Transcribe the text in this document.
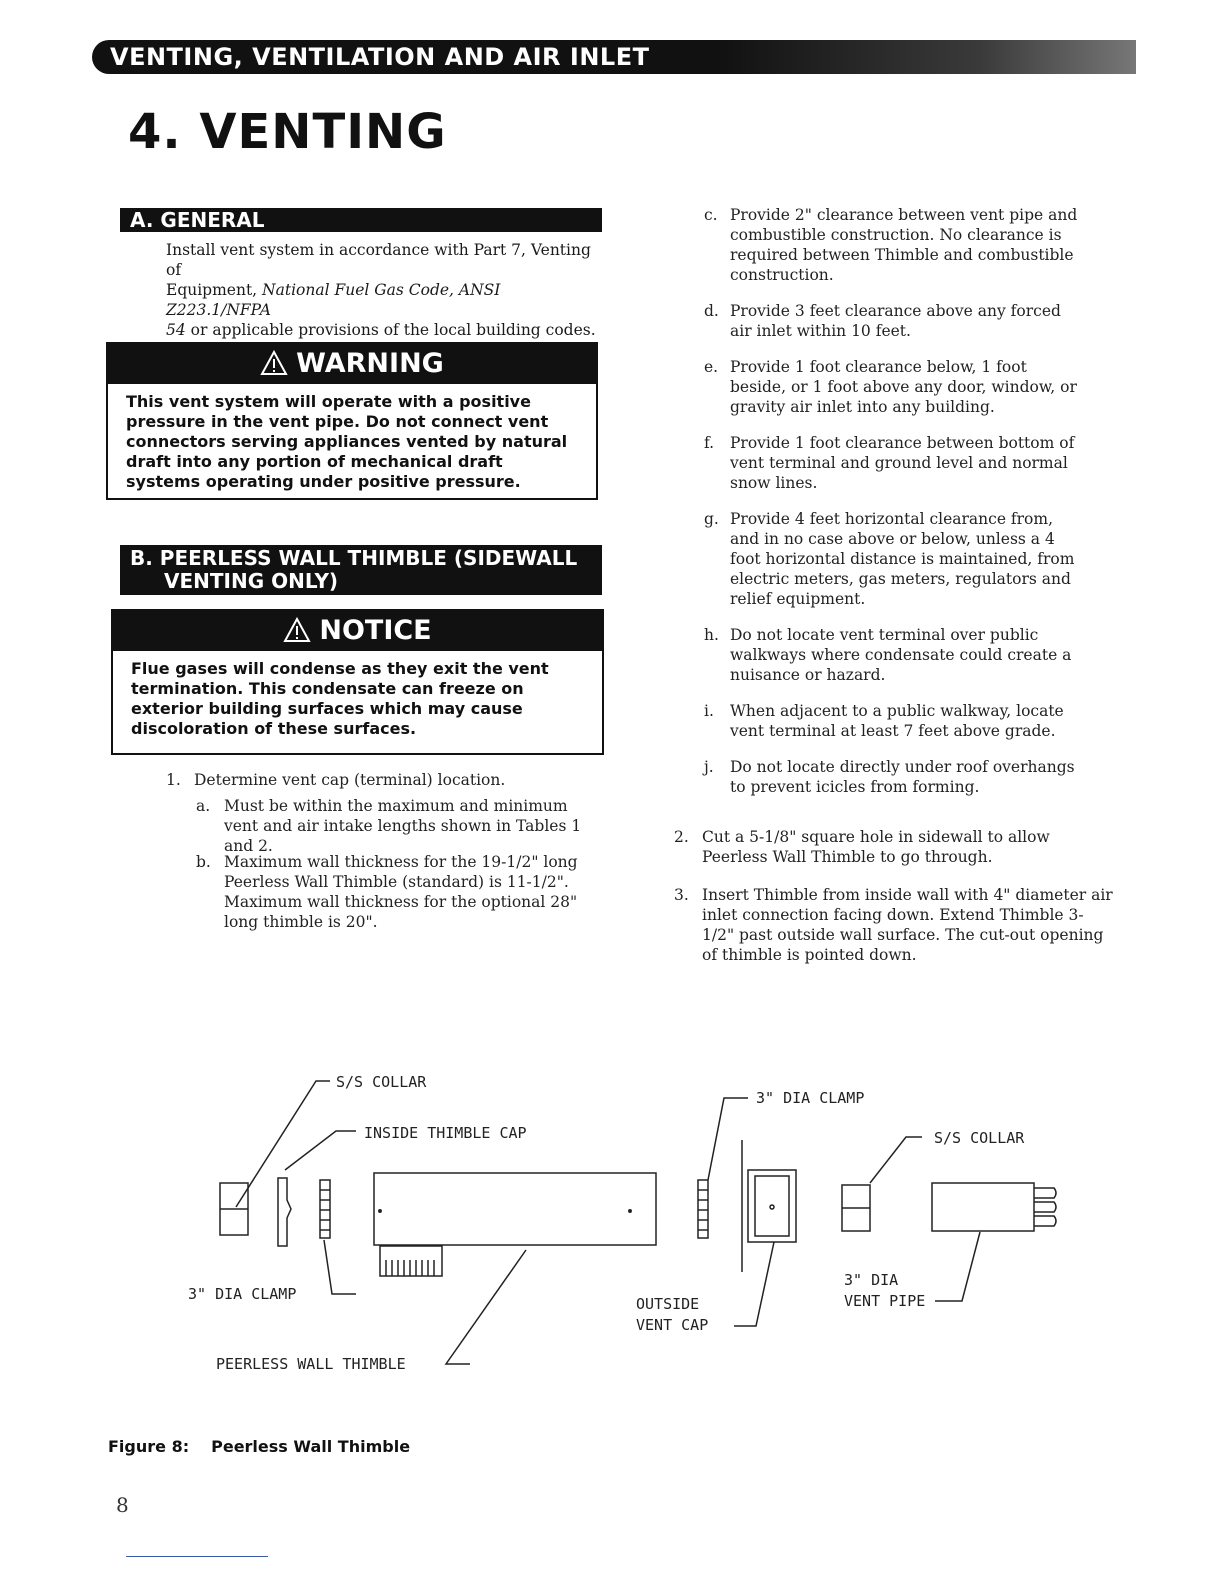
VENTING, VENTILATION AND AIR INLET
4. VENTING
A. GENERAL
Install vent system in accordance with Part 7, Venting of
Equipment, National Fuel Gas Code, ANSI Z223.1/NFPA
54 or applicable provisions of the local building codes.
WARNING
This vent system will operate with a positive pressure in the vent pipe. Do not connect vent connectors serving appliances vented by natural draft into any portion of mechanical draft systems operating under positive pressure.
B. PEERLESS WALL THIMBLE (SIDEWALL
VENTING ONLY)
NOTICE
Flue gases will condense as they exit the vent termination. This condensate can freeze on exterior building surfaces which may cause discoloration of these surfaces.
1. Determine vent cap (terminal) location.
a. Must be within the maximum and minimum vent and air intake lengths shown in Tables 1 and 2.
b. Maximum wall thickness for the 19-1/2" long Peerless Wall Thimble (standard) is 11-1/2". Maximum wall thickness for the optional 28" long thimble is 20".
c. Provide 2" clearance between vent pipe and combustible construction. No clearance is required between Thimble and combustible construction.
d. Provide 3 feet clearance above any forced air inlet within 10 feet.
e. Provide 1 foot clearance below, 1 foot beside, or 1 foot above any door, window, or gravity air inlet into any building.
f.	Provide 1 foot clearance between bottom of vent terminal and ground level and normal snow lines.
g. Provide 4 feet horizontal clearance from, and in no case above or below, unless a 4 foot horizontal distance is maintained, from electric meters, gas meters, regulators and relief equipment.
h. Do not locate vent terminal over public walkways where condensate could create a nuisance or hazard.
i.	When adjacent to a public walkway, locate vent terminal at least 7 feet above grade.
j.	Do not locate directly under roof overhangs to prevent icicles from forming.
2. Cut a 5-1/8" square hole in sidewall to allow Peerless Wall Thimble to go through.
3. Insert Thimble from inside wall with 4" diameter air inlet connection facing down. Extend Thimble 3-1/2" past outside wall surface. The cut-out opening of thimble is pointed down.
S/S COLLAR
INSIDE THIMBLE CAP
3" DIA CLAMP
PEERLESS WALL THIMBLE
3" DIA CLAMP
S/S COLLAR
OUTSIDE
VENT CAP
3" DIA
VENT PIPE
Figure 8: Peerless Wall Thimble
8
